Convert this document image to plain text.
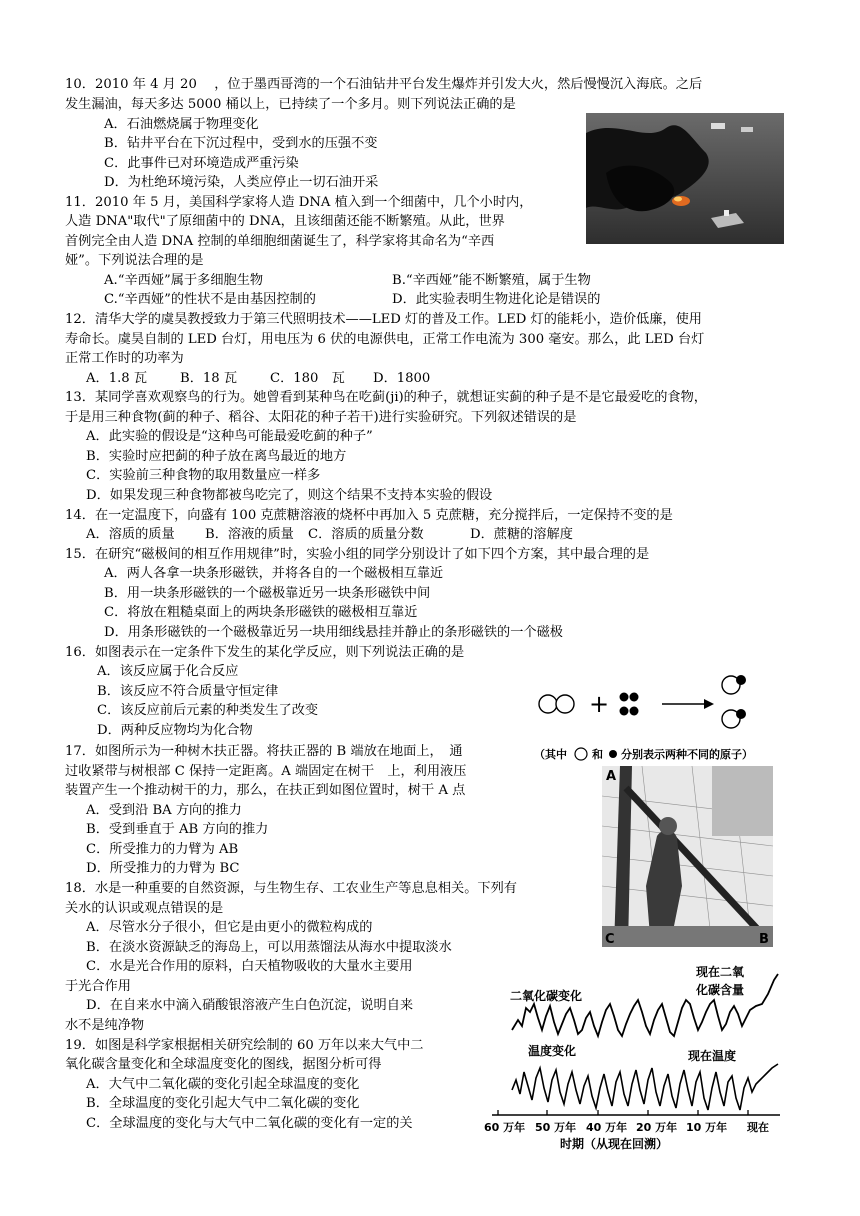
10．2010 年 4 月 20 　，位于墨西哥湾的一个石油钻井平台发生爆炸并引发大火，然后慢慢沉入海底。之后
发生漏油，每天多达 5000 桶以上，已持续了一个多月。则下列说法正确的是
A．石油燃烧属于物理变化
B．钻井平台在下沉过程中，受到水的压强不变
C．此事件已对环境造成严重污染
D．为杜绝环境污染，人类应停止一切石油开采
11．2010 年 5 月，美国科学家将人造 DNA 植入到一个细菌中，几个小时内，
人造 DNA"取代"了原细菌中的 DNA，且该细菌还能不断繁殖。从此，世界
首例完全由人造 DNA 控制的单细胞细菌诞生了，科学家将其命名为“辛西
娅”。下列说法合理的是
A.“辛西娅”属于多细胞生物	B.“辛西娅”能不断繁殖，属于生物
C.“辛西娅”的性状不是由基因控制的	D．此实验表明生物进化论是错误的
12．清华大学的虞昊教授致力于第三代照明技术——LED 灯的普及工作。LED 灯的能耗小，造价低廉，使用
寿命长。虞昊自制的 LED 台灯，用电压为 6 伏的电源供电，正常工作电流为 300 毫安。那么，此 LED 台灯
正常工作时的功率为
A．1.8 瓦 B．18 瓦 C．180　瓦 D．1800
13．某同学喜欢观察鸟的行为。她曾看到某种鸟在吃蓟(ji)的种子，就想证实蓟的种子是不是它最爱吃的食物，
于是用三种食物(蓟的种子、稻谷、太阳花的种子若干)进行实验研究。下列叙述错误的是
A．此实验的假设是“这种鸟可能最爱吃蓟的种子”
B．实验时应把蓟的种子放在离鸟最近的地方
C．实验前三种食物的取用数量应一样多
D．如果发现三种食物都被鸟吃完了，则这个结果不支持本实验的假设
14．在一定温度下，向盛有 100 克蔗糖溶液的烧杯中再加入 5 克蔗糖，充分搅拌后，一定保持不变的是
A．溶质的质量 B．溶液的质量 C．溶质的质量分数	D．蔗糖的溶解度
15．在研究“磁极间的相互作用规律”时，实验小组的同学分别设计了如下四个方案，其中最合理的是
A．两人各拿一块条形磁铁，并将各自的一个磁极相互靠近
B．用一块条形磁铁的一个磁极靠近另一块条形磁铁中间
C．将放在粗糙桌面上的两块条形磁铁的磁极相互靠近
D．用条形磁铁的一个磁极靠近另一块用细线悬挂并静止的条形磁铁的一个磁极
16．如图表示在一定条件下发生的某化学反应，则下列说法正确的是
A．该反应属于化合反应
B．该反应不符合质量守恒定律
C．该反应前后元素的种类发生了改变
D．两种反应物均为化合物
+
（其中 和 分别表示两种不同的原子）
17．如图所示为一种树木扶正器。将扶正器的 B 端放在地面上，　通
过收紧带与树根部 C 保持一定距离。A 端固定在树干　上，利用液压
装置产生一个推动树干的力，那么，在扶正到如图位置时，树干 A 点
A．受到沿 BA 方向的推力
B．受到垂直于 AB 方向的推力
C．所受推力的力臂为 AB
D．所受推力的力臂为 BC
A
C	B
18．水是一种重要的自然资源，与生物生存、工农业生产等息息相关。下列有
关水的认识或观点错误的是
A．尽管水分子很小，但它是由更小的微粒构成的
B．在淡水资源缺乏的海岛上，可以用蒸馏法从海水中提取淡水
C．水是光合作用的原料，白天植物吸收的大量水主要用
于光合作用
D．在自来水中滴入硝酸银溶液产生白色沉淀，说明自来
水不是纯净物
19．如图是科学家根据相关研究绘制的 60 万年以来大气中二
氧化碳含量变化和全球温度变化的图线，据图分析可得
A．大气中二氧化碳的变化引起全球温度的变化
B．全球温度的变化引起大气中二氧化碳的变化
C．全球温度的变化与大气中二氧化碳的变化有一定的关
二氧化碳变化
现在二氧
化碳含量
温度变化	现在温度
60 万年 50 万年 40 万年 20 万年 10 万年 现在
时期（从现在回溯）
